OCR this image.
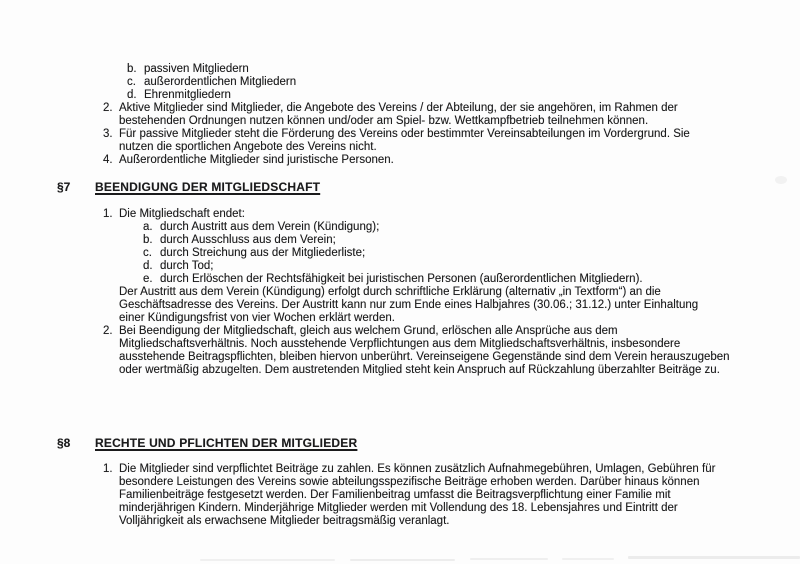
b. passiven Mitgliedern
c. außerordentlichen Mitgliedern
d. Ehrenmitgliedern
2. Aktive Mitglieder sind Mitglieder, die Angebote des Vereins / der Abteilung, der sie angehören, im Rahmen der
bestehenden Ordnungen nutzen können und/oder am Spiel- bzw. Wettkampfbetrieb teilnehmen können.
3. Für passive Mitglieder steht die Förderung des Vereins oder bestimmter Vereinsabteilungen im Vordergrund. Sie
nutzen die sportlichen Angebote des Vereins nicht.
4. Außerordentliche Mitglieder sind juristische Personen.
§7 BEENDIGUNG DER MITGLIEDSCHAFT
1. Die Mitgliedschaft endet:
a. durch Austritt aus dem Verein (Kündigung);
b. durch Ausschluss aus dem Verein;
c. durch Streichung aus der Mitgliederliste;
d. durch Tod;
e. durch Erlöschen der Rechtsfähigkeit bei juristischen Personen (außerordentlichen Mitgliedern).
Der Austritt aus dem Verein (Kündigung) erfolgt durch schriftliche Erklärung (alternativ „in Textform“) an die
Geschäftsadresse des Vereins. Der Austritt kann nur zum Ende eines Halbjahres (30.06.; 31.12.) unter Einhaltung
einer Kündigungsfrist von vier Wochen erklärt werden.
2. Bei Beendigung der Mitgliedschaft, gleich aus welchem Grund, erlöschen alle Ansprüche aus dem
Mitgliedschaftsverhältnis. Noch ausstehende Verpflichtungen aus dem Mitgliedschaftsverhältnis, insbesondere
ausstehende Beitragspflichten, bleiben hiervon unberührt. Vereinseigene Gegenstände sind dem Verein herauszugeben
oder wertmäßig abzugelten. Dem austretenden Mitglied steht kein Anspruch auf Rückzahlung überzahlter Beiträge zu.
§8 RECHTE UND PFLICHTEN DER MITGLIEDER
1. Die Mitglieder sind verpflichtet Beiträge zu zahlen. Es können zusätzlich Aufnahmegebühren, Umlagen, Gebühren für
besondere Leistungen des Vereins sowie abteilungsspezifische Beiträge erhoben werden. Darüber hinaus können
Familienbeiträge festgesetzt werden. Der Familienbeitrag umfasst die Beitragsverpflichtung einer Familie mit
minderjährigen Kindern. Minderjährige Mitglieder werden mit Vollendung des 18. Lebensjahres und Eintritt der
Volljährigkeit als erwachsene Mitglieder beitragsmäßig veranlagt.
